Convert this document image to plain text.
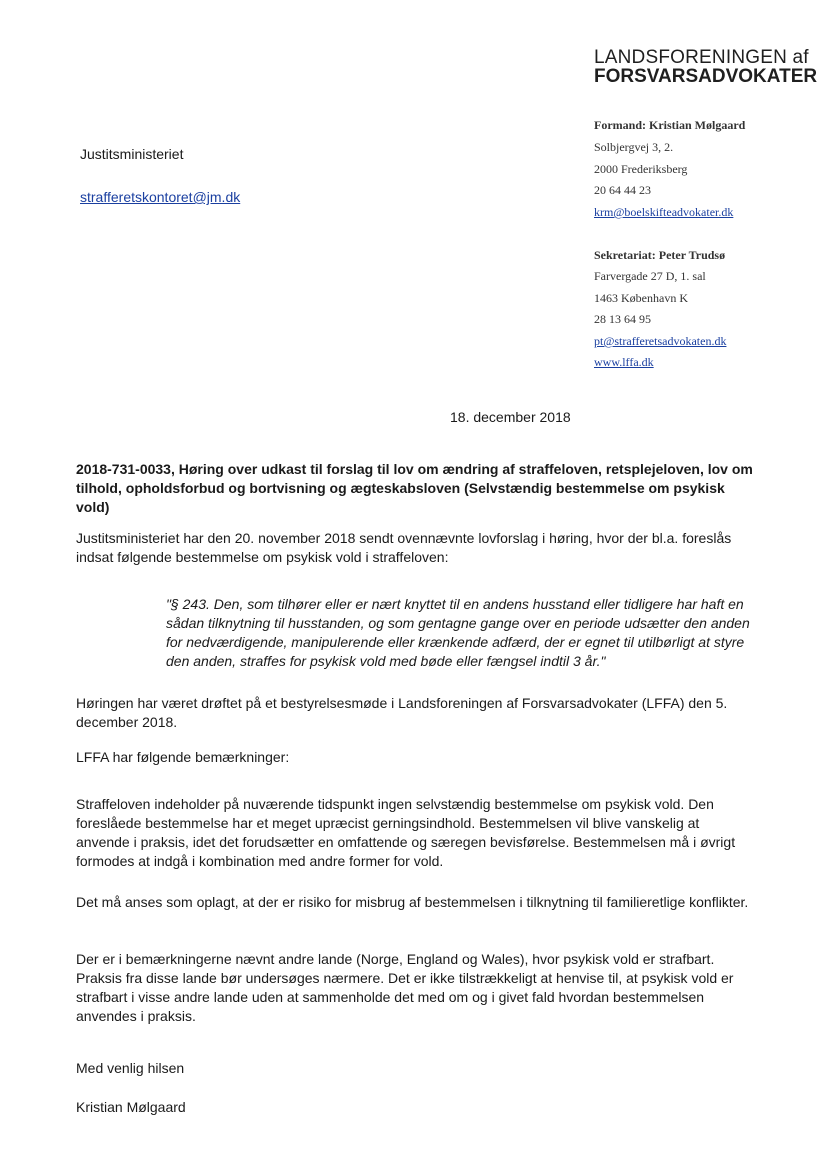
LANDSFORENINGEN af
FORSVARSADVOKATER
Formand: Kristian Mølgaard
Solbjergvej 3, 2.
2000 Frederiksberg
20 64 44 23
krm@boelskifteadvokater.dk
Sekretariat: Peter Trudsø
Farvergade 27 D, 1. sal
1463 København K
28 13 64 95
pt@strafferetsadvokaten.dk
www.lffa.dk
Justitsministeriet
strafferetskontoret@jm.dk
18. december 2018
2018-731-0033, Høring over udkast til forslag til lov om ændring af straffeloven, retsplejeloven, lov om tilhold, opholdsforbud og bortvisning og ægteskabsloven (Selvstændig bestemmelse om psykisk vold)
Justitsministeriet har den 20. november 2018 sendt ovennævnte lovforslag i høring, hvor der bl.a. foreslås indsat følgende bestemmelse om psykisk vold i straffeloven:
"§ 243. Den, som tilhører eller er nært knyttet til en andens husstand eller tidligere har haft en sådan tilknytning til husstanden, og som gentagne gange over en periode udsætter den anden for nedværdigende, manipulerende eller krænkende adfærd, der er egnet til utilbørligt at styre den anden, straffes for psykisk vold med bøde eller fængsel indtil 3 år."
Høringen har været drøftet på et bestyrelsesmøde i Landsforeningen af Forsvarsadvokater (LFFA) den 5. december 2018.
LFFA har følgende bemærkninger:
Straffeloven indeholder på nuværende tidspunkt ingen selvstændig bestemmelse om psykisk vold. Den foreslåede bestemmelse har et meget upræcist gerningsindhold. Bestemmelsen vil blive vanskelig at anvende i praksis, idet det forudsætter en omfattende og særegen bevisførelse. Bestemmelsen må i øvrigt formodes at indgå i kombination med andre former for vold.
Det må anses som oplagt, at der er risiko for misbrug af bestemmelsen i tilknytning til familieretlige konflikter.
Der er i bemærkningerne nævnt andre lande (Norge, England og Wales), hvor psykisk vold er strafbart. Praksis fra disse lande bør undersøges nærmere. Det er ikke tilstrækkeligt at henvise til, at psykisk vold er strafbart i visse andre lande uden at sammenholde det med om og i givet fald hvordan bestemmelsen anvendes i praksis.
Med venlig hilsen
Kristian Mølgaard
